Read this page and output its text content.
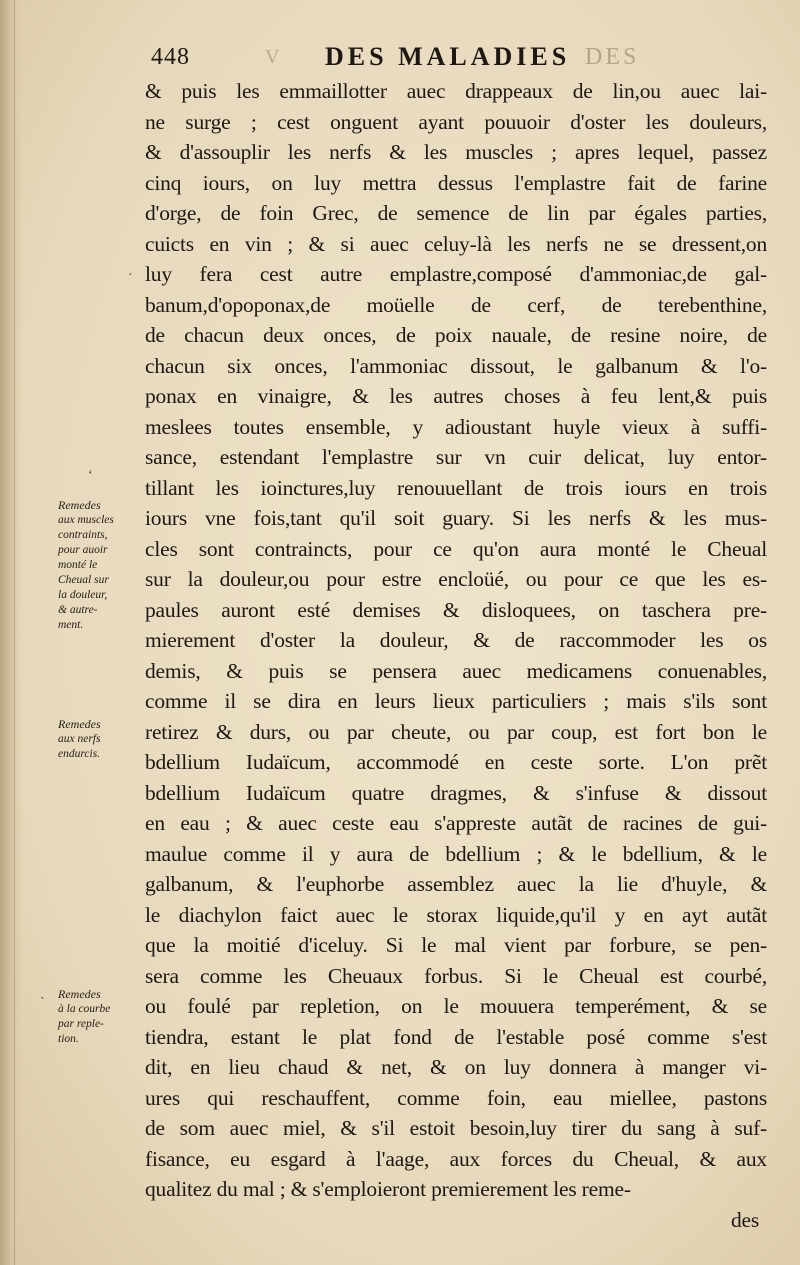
448	V DES MALADIES DES
& puis les emmaillotter auec drappeaux de lin,ou auec lai-
ne surge ; cest onguent ayant pouuoir d'oster les douleurs,
& d'assouplir les nerfs & les muscles ; apres lequel, passez
cinq iours, on luy mettra dessus l'emplastre fait de farine
d'orge, de foin Grec, de semence de lin par égales parties,
cuicts en vin ; & si auec celuy-là les nerfs ne se dressent,on
luy fera cest autre emplastre,composé d'ammoniac,de gal-
banum,d'opoponax,de moüelle de cerf, de terebenthine,
de chacun deux onces, de poix nauale, de resine noire, de
chacun six onces, l'ammoniac dissout, le galbanum & l'o-
ponax en vinaigre, & les autres choses à feu lent,& puis
meslees toutes ensemble, y adioustant huyle vieux à suffi-
sance, estendant l'emplastre sur vn cuir delicat, luy entor-
tillant les ioinctures,luy renouuellant de trois iours en trois
iours vne fois,tant qu'il soit guary. Si les nerfs & les mus-
cles sont contraincts, pour ce qu'on aura monté le Cheual
sur la douleur,ou pour estre encloüé, ou pour ce que les es-
paules auront esté demises & disloquees, on taschera pre-
mierement d'oster la douleur, & de raccommoder les os
demis, & puis se pensera auec medicamens conuenables,
comme il se dira en leurs lieux particuliers ; mais s'ils sont
retirez & durs, ou par cheute, ou par coup, est fort bon le
bdellium Iudaïcum, accommodé en ceste sorte. L'on prẽt
bdellium Iudaïcum quatre dragmes, & s'infuse & dissout
en eau ; & auec ceste eau s'appreste autãt de racines de gui-
maulue comme il y aura de bdellium ; & le bdellium, & le
galbanum, & l'euphorbe assemblez auec la lie d'huyle, &
le diachylon faict auec le storax liquide,qu'il y en ayt autãt
que la moitié d'iceluy. Si le mal vient par forbure, se pen-
sera comme les Cheuaux forbus. Si le Cheual est courbé,
ou foulé par repletion, on le mouuera temperément, & se
tiendra, estant le plat fond de l'estable posé comme s'est
dit, en lieu chaud & net, & on luy donnera à manger vi-
ures qui reschauffent, comme foin, eau miellee, pastons
de som auec miel, & s'il estoit besoin,luy tirer du sang à suf-
fisance, eu esgard à l'aage, aux forces du Cheual, & aux
qualitez du mal ; & s'emploieront premierement les reme-
des
Remedes
aux muscles
contraints,
pour auoir
monté le
Cheual sur
la douleur,
& autre-
ment.
Remedes
aux nerfs
endurcis.
Remedes
à la courbe
par reple-
tion.
·
ʻ
ˎ
